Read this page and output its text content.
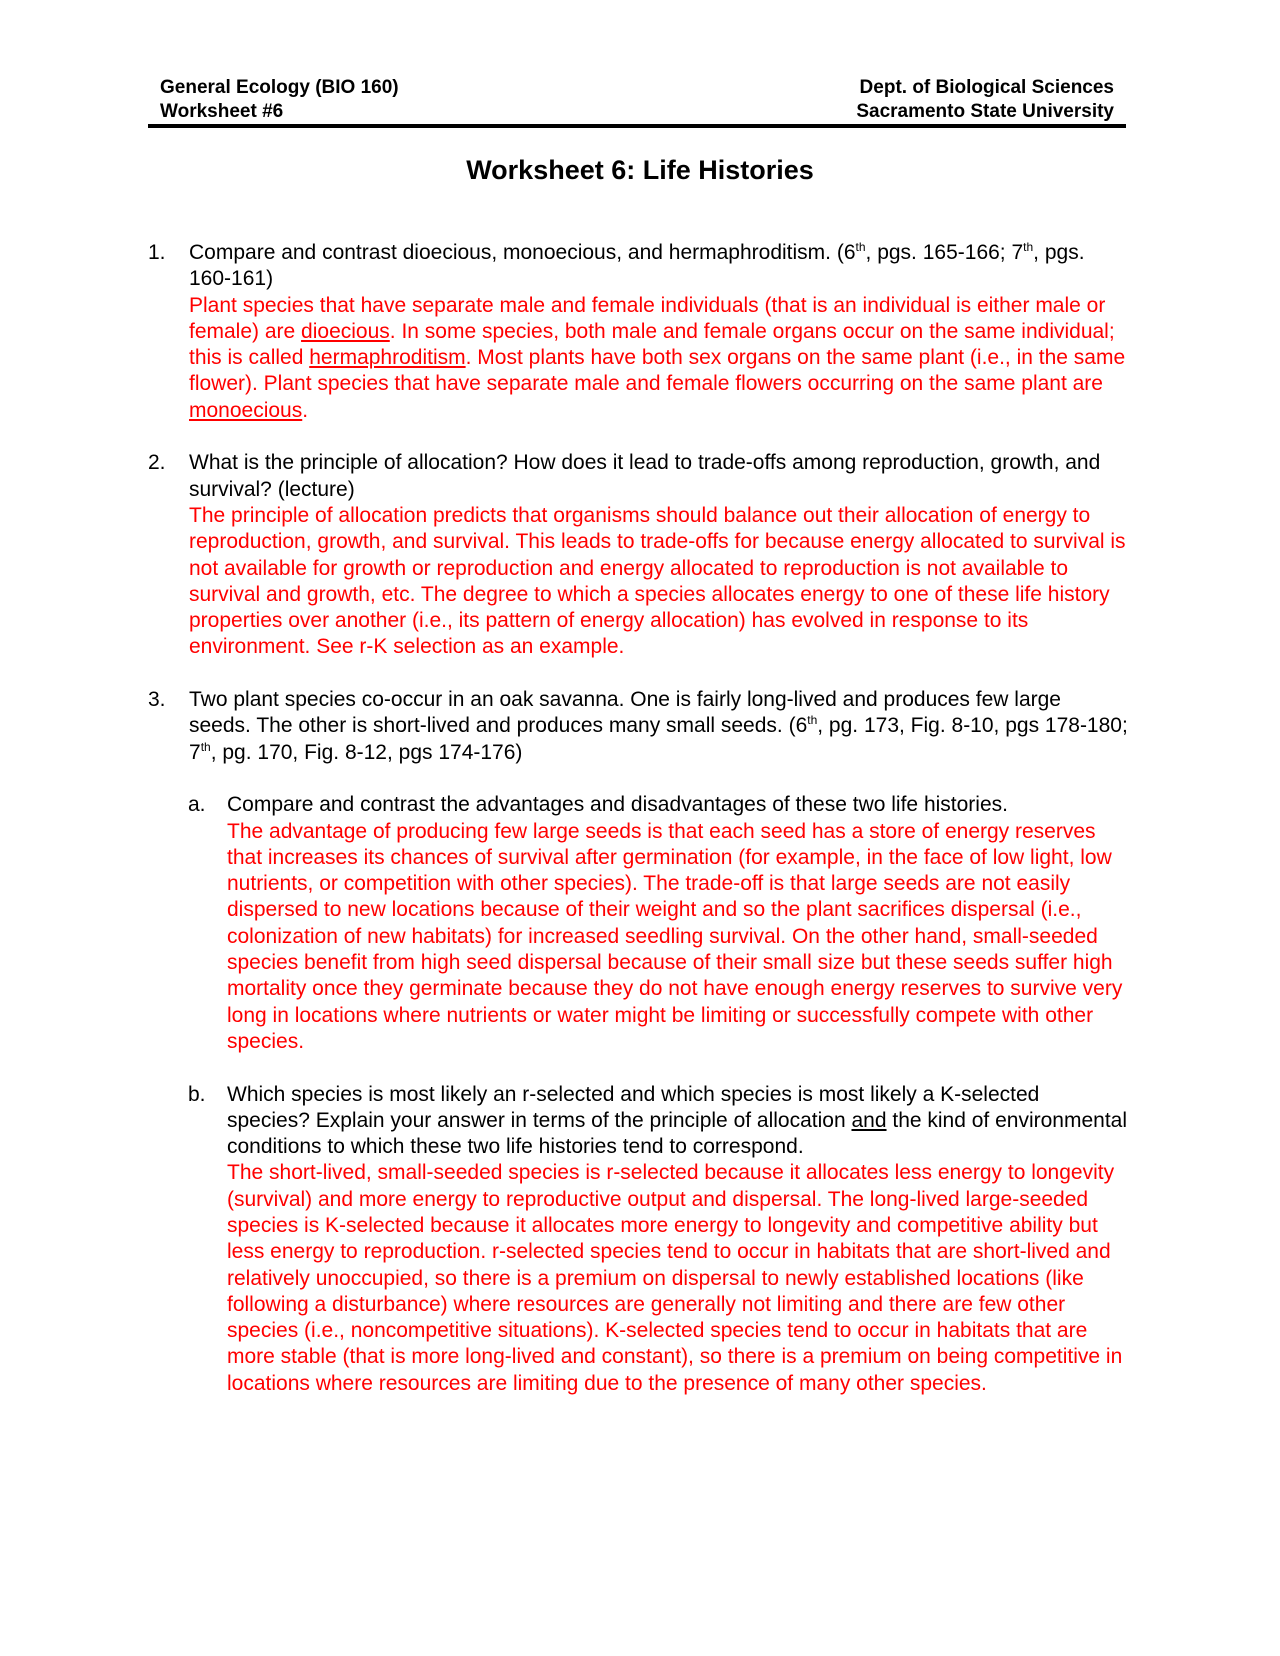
General Ecology (BIO 160)
Worksheet #6
Dept. of Biological Sciences
Sacramento State University
Worksheet 6: Life Histories
1. Compare and contrast dioecious, monoecious, and hermaphroditism. (6th, pgs. 165-166; 7th, pgs. 160-161)

Plant species that have separate male and female individuals (that is an individual is either male or female) are dioecious. In some species, both male and female organs occur on the same individual; this is called hermaphroditism. Most plants have both sex organs on the same plant (i.e., in the same flower). Plant species that have separate male and female flowers occurring on the same plant are monoecious.

2. What is the principle of allocation? How does it lead to trade-offs among reproduction, growth, and survival? (lecture)

The principle of allocation predicts that organisms should balance out their allocation of energy to reproduction, growth, and survival. This leads to trade-offs for because energy allocated to survival is not available for growth or reproduction and energy allocated to reproduction is not available to survival and growth, etc. The degree to which a species allocates energy to one of these life history properties over another (i.e., its pattern of energy allocation) has evolved in response to its environment. See r-K selection as an example.

3. Two plant species co-occur in an oak savanna. One is fairly long-lived and produces few large seeds. The other is short-lived and produces many small seeds. (6th, pg. 173, Fig. 8-10, pgs 178-180; 7th, pg. 170, Fig. 8-12, pgs 174-176)

a. Compare and contrast the advantages and disadvantages of these two life histories.

The advantage of producing few large seeds is that each seed has a store of energy reserves that increases its chances of survival after germination (for example, in the face of low light, low nutrients, or competition with other species). The trade-off is that large seeds are not easily dispersed to new locations because of their weight and so the plant sacrifices dispersal (i.e., colonization of new habitats) for increased seedling survival. On the other hand, small-seeded species benefit from high seed dispersal because of their small size but these seeds suffer high mortality once they germinate because they do not have enough energy reserves to survive very long in locations where nutrients or water might be limiting or successfully compete with other species.

b. Which species is most likely an r-selected and which species is most likely a K-selected species? Explain your answer in terms of the principle of allocation and the kind of environmental conditions to which these two life histories tend to correspond.

The short-lived, small-seeded species is r-selected because it allocates less energy to longevity (survival) and more energy to reproductive output and dispersal. The long-lived large-seeded species is K-selected because it allocates more energy to longevity and competitive ability but less energy to reproduction. r-selected species tend to occur in habitats that are short-lived and relatively unoccupied, so there is a premium on dispersal to newly established locations (like following a disturbance) where resources are generally not limiting and there are few other species (i.e., noncompetitive situations). K-selected species tend to occur in habitats that are more stable (that is more long-lived and constant), so there is a premium on being competitive in locations where resources are limiting due to the presence of many other species.
